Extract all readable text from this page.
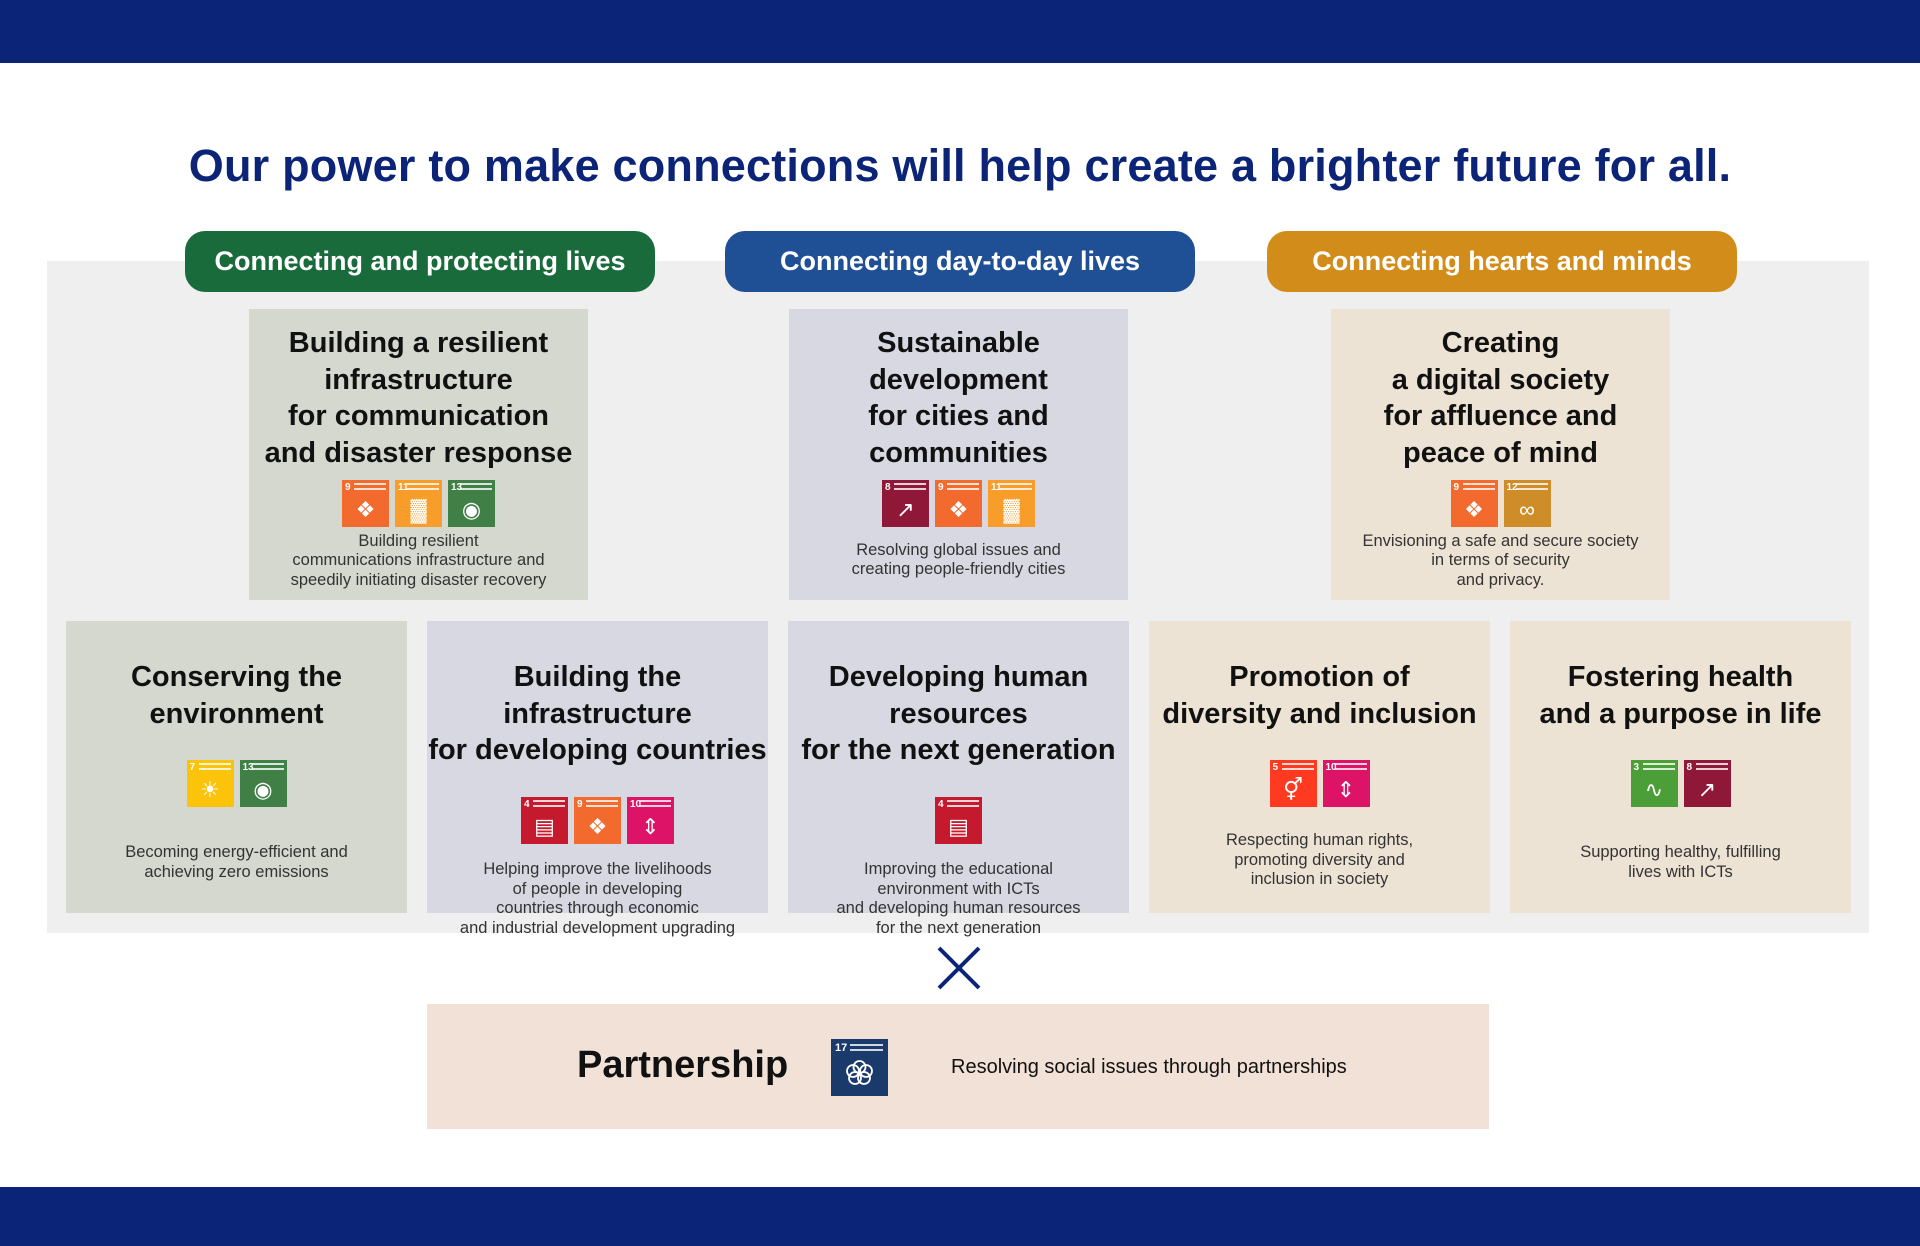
Our power to make connections will help create a brighter future for all.
Connecting and protecting lives	Connecting day-to-day lives	Connecting hearts and minds
Building a resilient
infrastructure
for communication
and disaster response
9
❖
11
▓
13
◉
Building resilient
communications infrastructure and
speedily initiating disaster recovery
Sustainable
development
for cities and
communities
8
↗
9
❖
11
▓
Resolving global issues and
creating people-friendly cities
Creating
a digital society
for affluence and
peace of mind
9
❖
12
∞
Envisioning a safe and secure society
in terms of security
and privacy.
Conserving the
environment
7
☀
13
◉
Becoming energy-efficient and
achieving zero emissions
Building the infrastructure
for developing countries
4
▤
9
❖
10
⇕
Helping improve the livelihoods
of people in developing
countries through economic
and industrial development upgrading
Developing human resources
for the next generation
4
▤
Improving the educational
environment with ICTs
and developing human resources
for the next generation
Promotion of
diversity and inclusion
5
⚥
10
⇕
Respecting human rights,
promoting diversity and
inclusion in society
Fostering health
and a purpose in life
3
∿
8
↗
Supporting healthy, fulfilling
lives with ICTs
Partnership	17
Resolving social issues through partnerships
